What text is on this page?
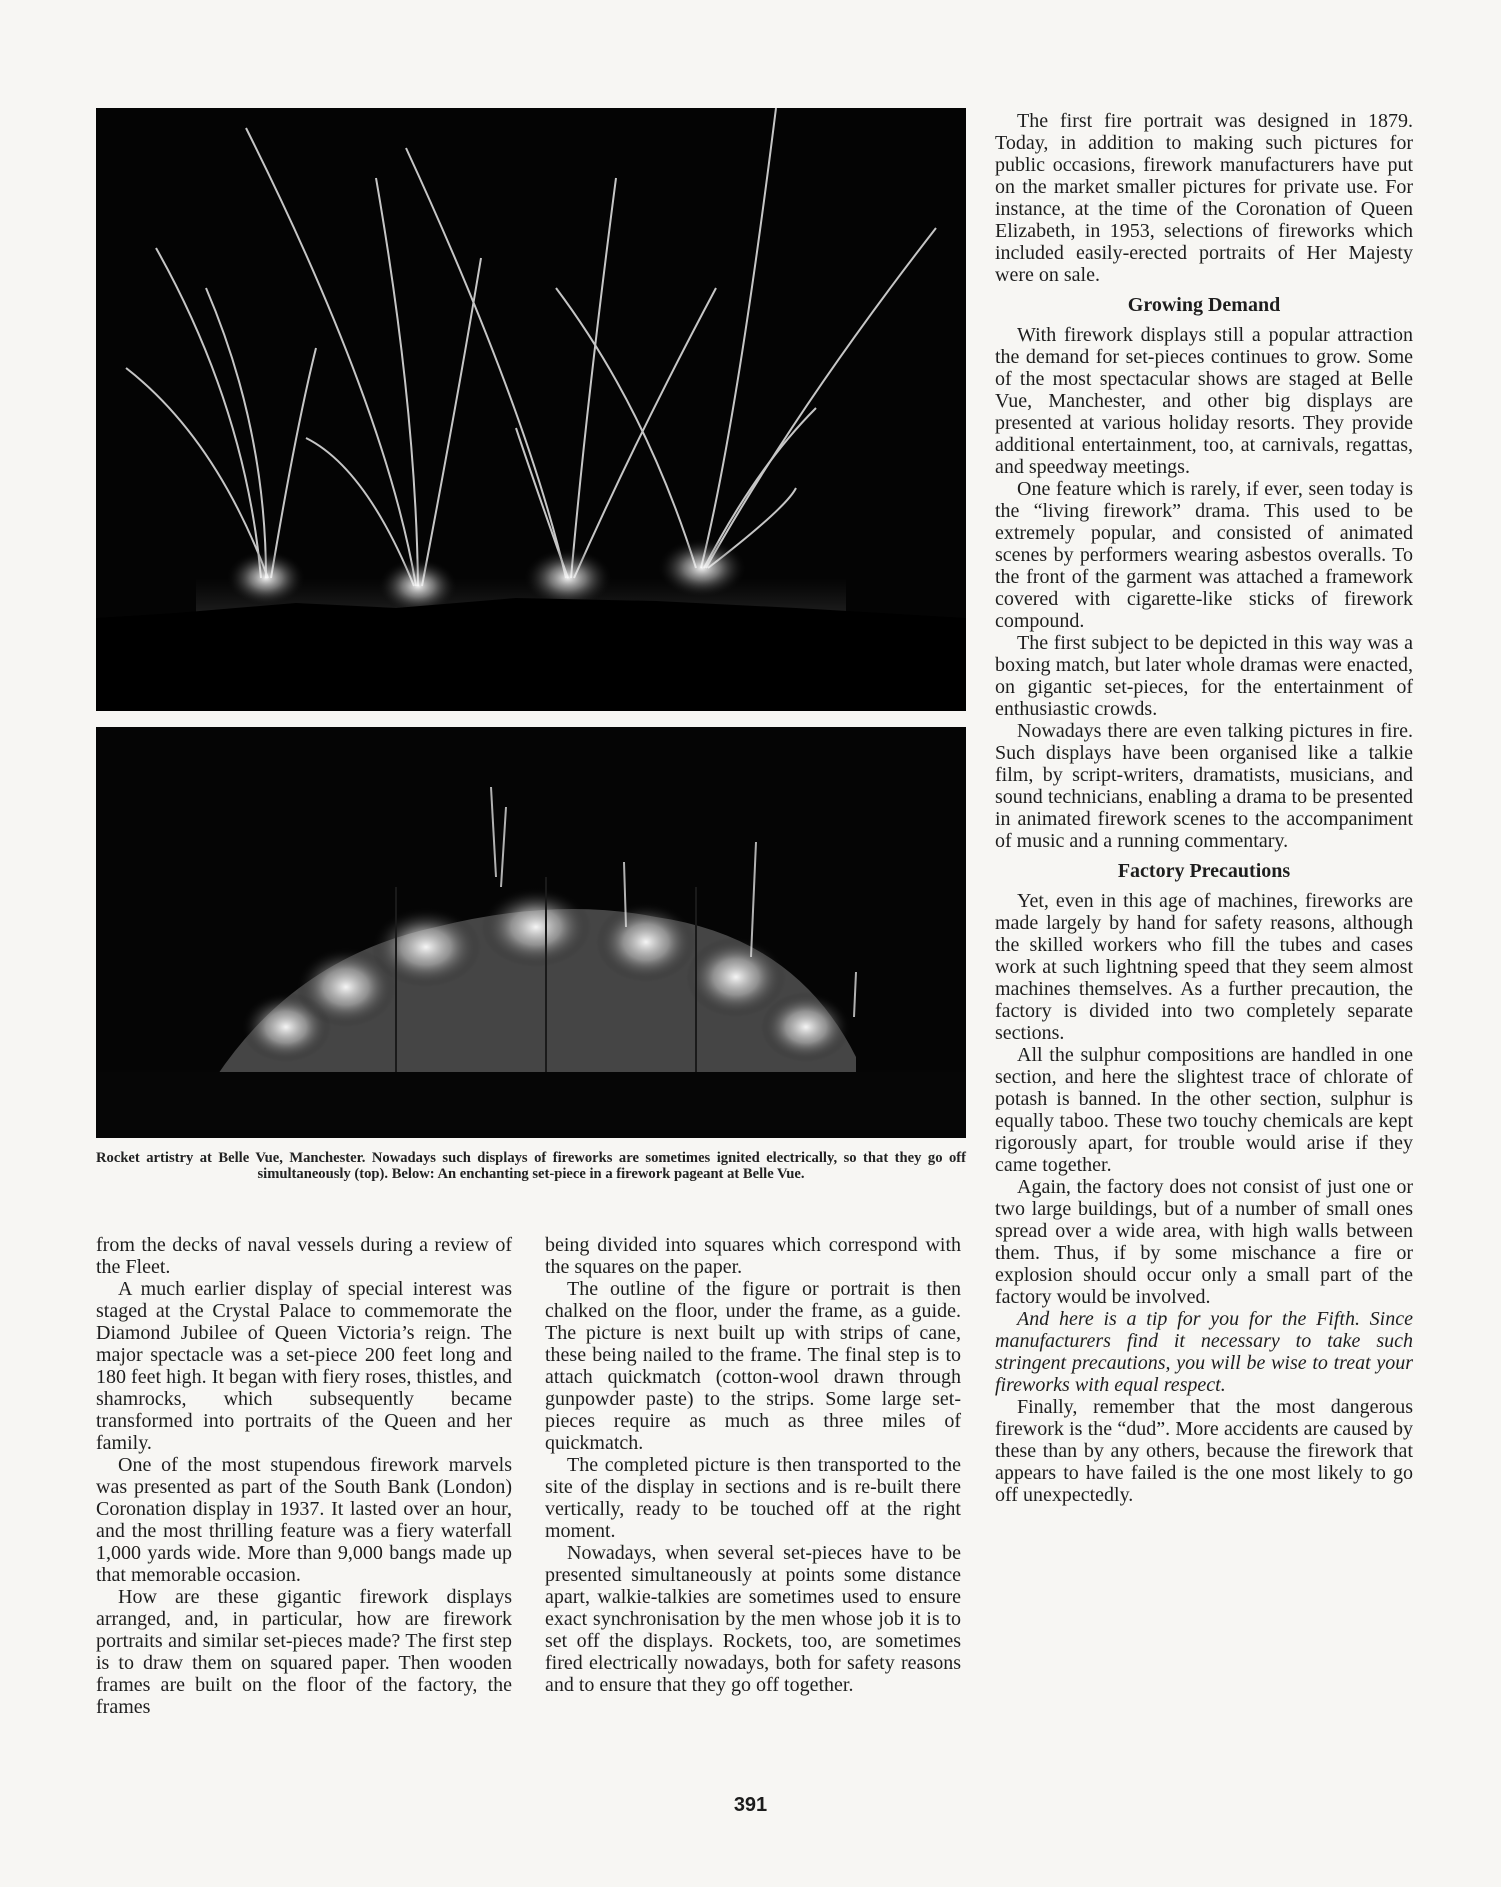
Rocket artistry at Belle Vue, Manchester. Nowadays such displays of fireworks are sometimes ignited electrically, so that they go off simultaneously (top). Below: An enchanting set-piece in a firework pageant at Belle Vue.

from the decks of naval vessels during a review of the Fleet.

A much earlier display of special interest was staged at the Crystal Palace to commemorate the Diamond Jubilee of Queen Victoria’s reign. The major spectacle was a set-piece 200 feet long and 180 feet high. It began with fiery roses, thistles, and shamrocks, which subsequently became transformed into portraits of the Queen and her family.

One of the most stupendous firework marvels was presented as part of the South Bank (London) Coronation display in 1937. It lasted over an hour, and the most thrilling feature was a fiery waterfall 1,000 yards wide. More than 9,000 bangs made up that memorable occasion.

How are these gigantic firework displays arranged, and, in particular, how are firework portraits and similar set-pieces made? The first step is to draw them on squared paper. Then wooden frames are built on the floor of the factory, the frames

being divided into squares which correspond with the squares on the paper.

The outline of the figure or portrait is then chalked on the floor, under the frame, as a guide. The picture is next built up with strips of cane, these being nailed to the frame. The final step is to attach quickmatch (cotton-wool drawn through gunpowder paste) to the strips. Some large set-pieces require as much as three miles of quickmatch.

The completed picture is then transported to the site of the display in sections and is re-built there vertically, ready to be touched off at the right moment.

Nowadays, when several set-pieces have to be presented simultaneously at points some distance apart, walkie-talkies are sometimes used to ensure exact synchronisation by the men whose job it is to set off the displays. Rockets, too, are sometimes fired electrically nowadays, both for safety reasons and to ensure that they go off together.

The first fire portrait was designed in 1879. Today, in addition to making such pictures for public occasions, firework manufacturers have put on the market smaller pictures for private use. For instance, at the time of the Coronation of Queen Elizabeth, in 1953, selections of fireworks which included easily-erected portraits of Her Majesty were on sale.

Growing Demand

With firework displays still a popular attraction the demand for set-pieces continues to grow. Some of the most spectacular shows are staged at Belle Vue, Manchester, and other big displays are presented at various holiday resorts. They provide additional entertainment, too, at carnivals, regattas, and speedway meetings.

One feature which is rarely, if ever, seen today is the “living firework” drama. This used to be extremely popular, and consisted of animated scenes by performers wearing asbestos overalls. To the front of the garment was attached a framework covered with cigarette-like sticks of firework compound.

The first subject to be depicted in this way was a boxing match, but later whole dramas were enacted, on gigantic set-pieces, for the entertainment of enthusiastic crowds.

Nowadays there are even talking pictures in fire. Such displays have been organised like a talkie film, by script-writers, dramatists, musicians, and sound technicians, enabling a drama to be presented in animated firework scenes to the accompaniment of music and a running commentary.

Factory Precautions

Yet, even in this age of machines, fireworks are made largely by hand for safety reasons, although the skilled workers who fill the tubes and cases work at such lightning speed that they seem almost machines themselves. As a further precaution, the factory is divided into two completely separate sections.

All the sulphur compositions are handled in one section, and here the slightest trace of chlorate of potash is banned. In the other section, sulphur is equally taboo. These two touchy chemicals are kept rigorously apart, for trouble would arise if they came together.

Again, the factory does not consist of just one or two large buildings, but of a number of small ones spread over a wide area, with high walls between them. Thus, if by some mischance a fire or explosion should occur only a small part of the factory would be involved.

And here is a tip for you for the Fifth. Since manufacturers find it necessary to take such stringent precautions, you will be wise to treat your fireworks with equal respect.

Finally, remember that the most dangerous firework is the “dud”. More accidents are caused by these than by any others, because the firework that appears to have failed is the one most likely to go off unexpectedly.

391
